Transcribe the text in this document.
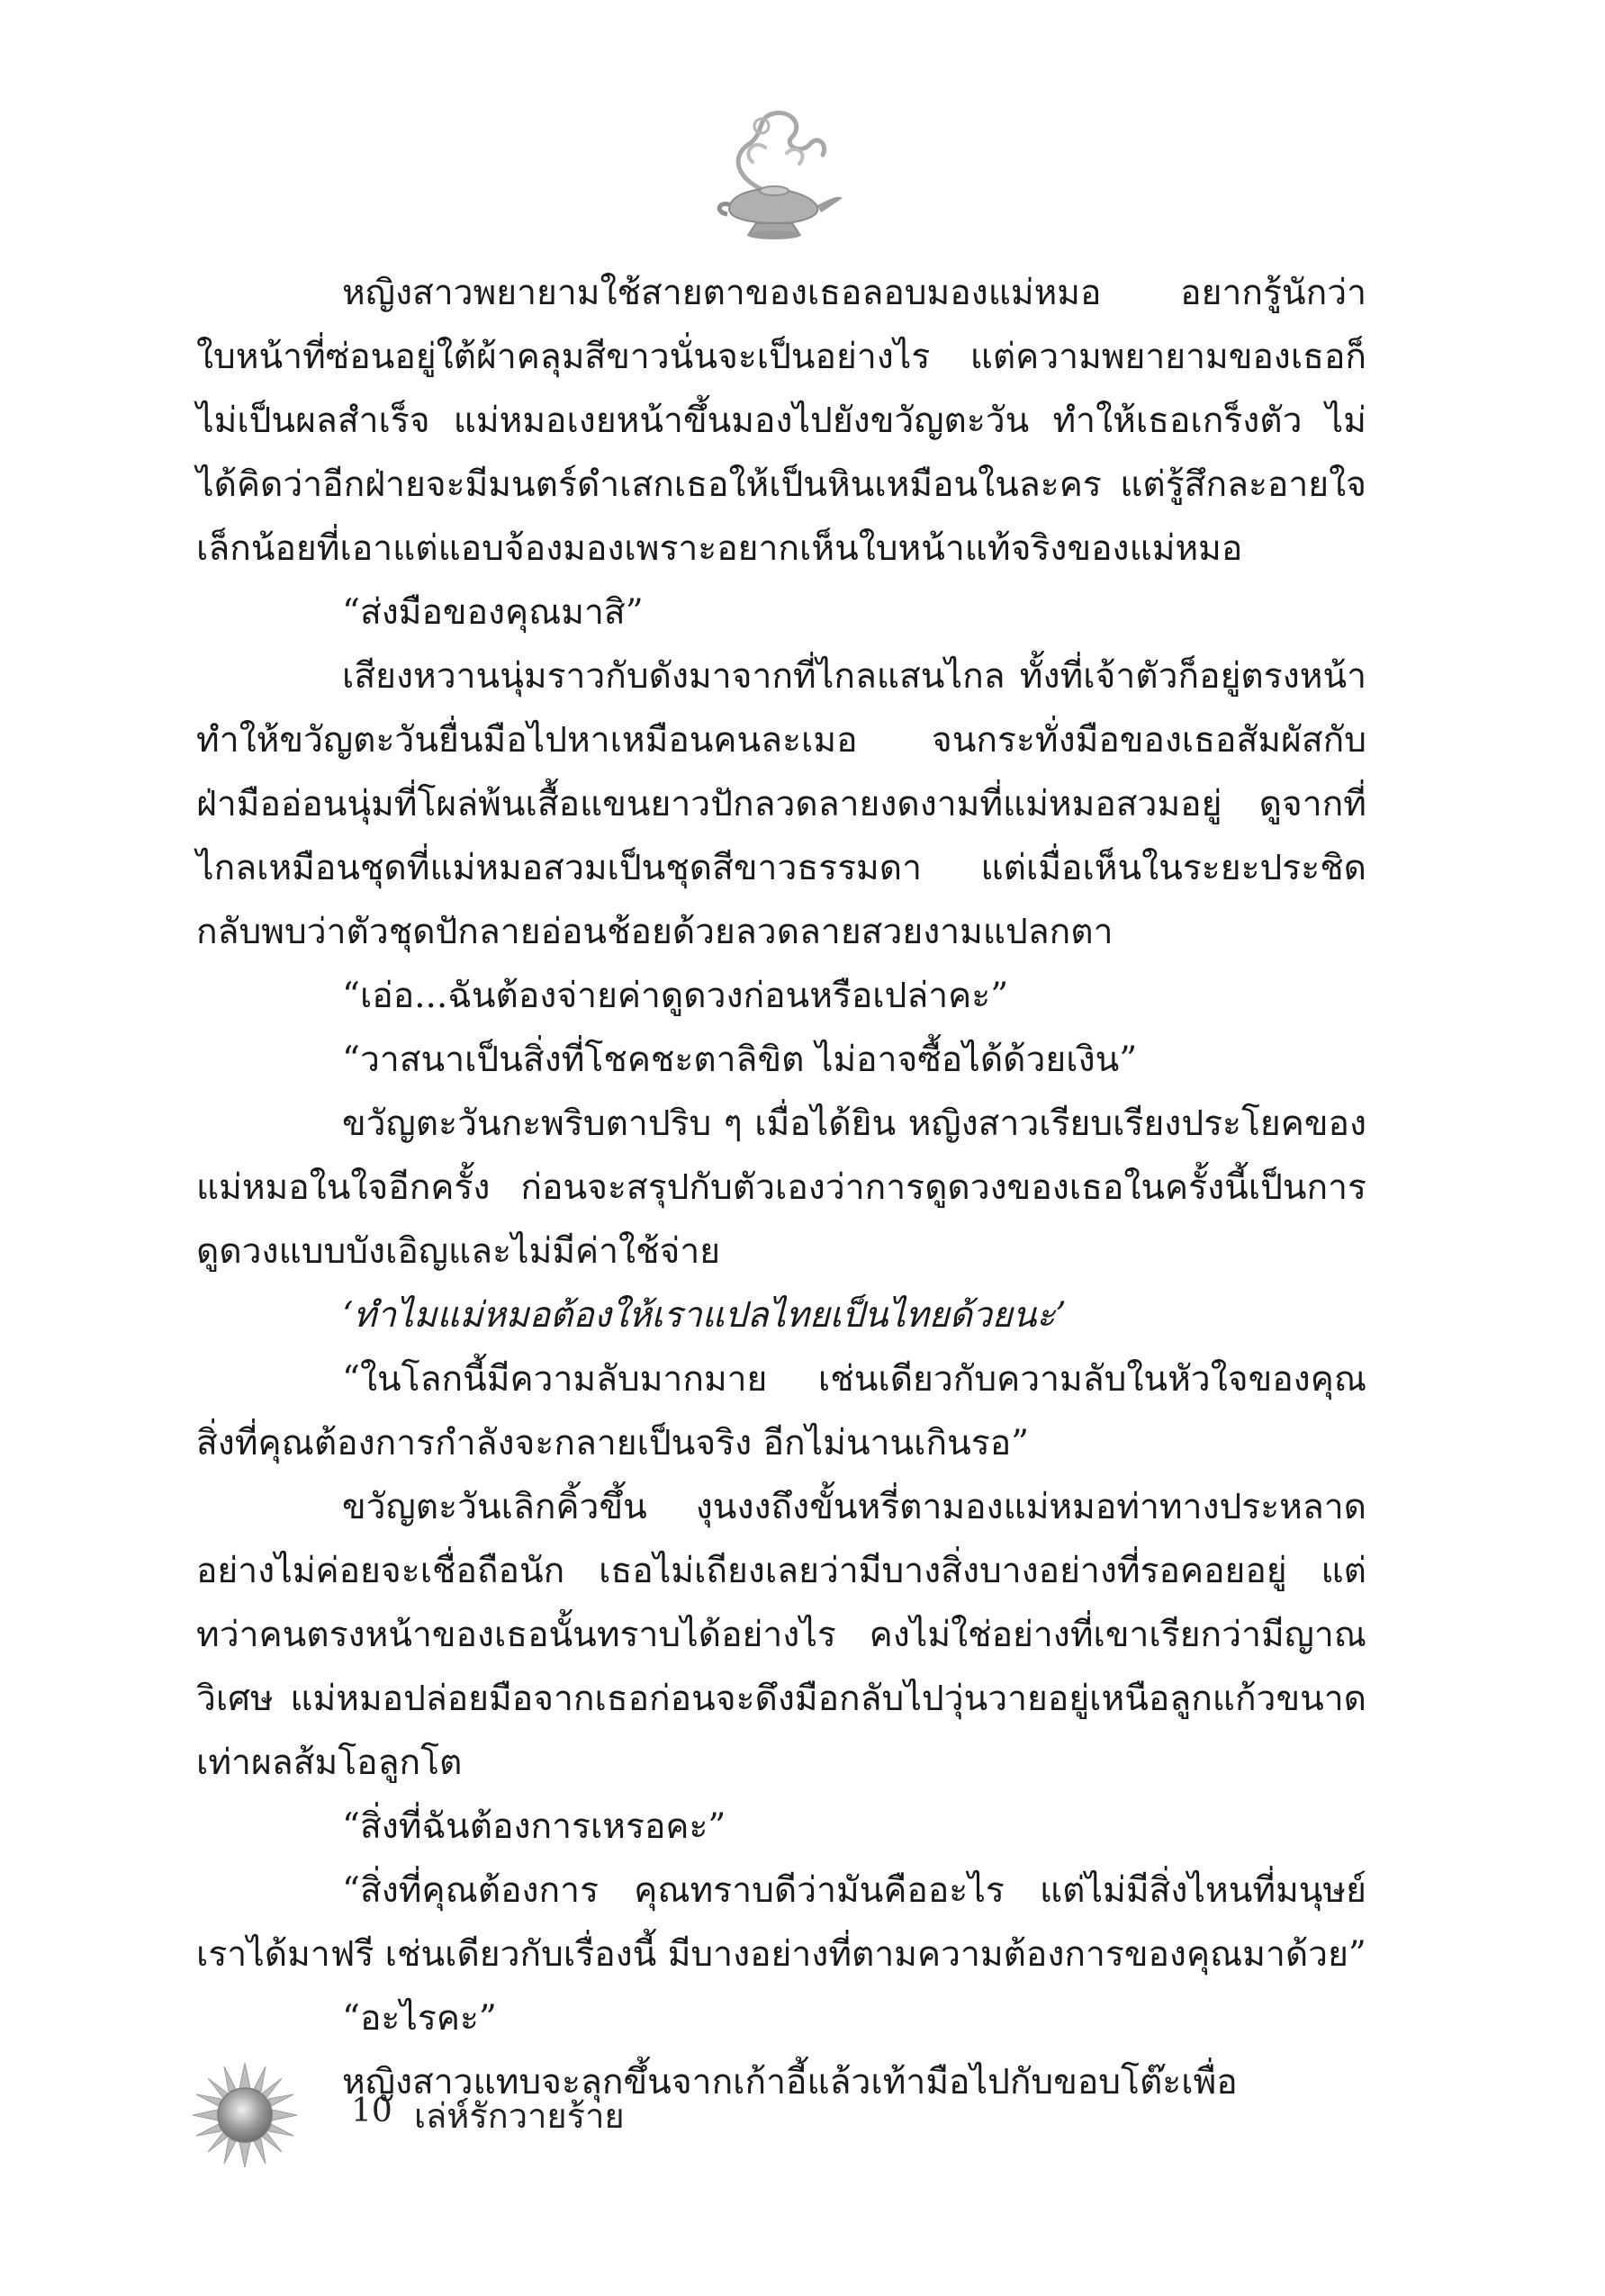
หญิงสาวพยายามใช้สายตาของเธอลอบมองแม่หมอ อยากรู้นักว่าใบหน้าที่ซ่อนอยู่ใต้ผ้าคลุมสีขาวนั่นจะเป็นอย่างไร แต่ความพยายามของเธอก็ไม่เป็นผลสำเร็จ แม่หมอเงยหน้าขึ้นมองไปยังขวัญตะวัน ทำให้เธอเกร็งตัว ไม่ได้คิดว่าอีกฝ่ายจะมีมนตร์ดำเสกเธอให้เป็นหินเหมือนในละคร แต่รู้สึกละอายใจเล็กน้อยที่เอาแต่แอบจ้องมองเพราะอยากเห็นใบหน้าแท้จริงของแม่หมอ

“ส่งมือของคุณมาสิ”

เสียงหวานนุ่มราวกับดังมาจากที่ไกลแสนไกล ทั้งที่เจ้าตัวก็อยู่ตรงหน้า ทำให้ขวัญตะวันยื่นมือไปหาเหมือนคนละเมอ จนกระทั่งมือของเธอสัมผัสกับฝ่ามืออ่อนนุ่มที่โผล่พ้นเสื้อแขนยาวปักลวดลายงดงามที่แม่หมอสวมอยู่ ดูจากที่ไกลเหมือนชุดที่แม่หมอสวมเป็นชุดสีขาวธรรมดา แต่เมื่อเห็นในระยะประชิดกลับพบว่าตัวชุดปักลายอ่อนช้อยด้วยลวดลายสวยงามแปลกตา

“เอ่อ...ฉันต้องจ่ายค่าดูดวงก่อนหรือเปล่าคะ”

“วาสนาเป็นสิ่งที่โชคชะตาลิขิต ไม่อาจซื้อได้ด้วยเงิน”

ขวัญตะวันกะพริบตาปริบ ๆ เมื่อได้ยิน หญิงสาวเรียบเรียงประโยคของแม่หมอในใจอีกครั้ง ก่อนจะสรุปกับตัวเองว่าการดูดวงของเธอในครั้งนี้เป็นการดูดวงแบบบังเอิญและไม่มีค่าใช้จ่าย

‘ทำไมแม่หมอต้องให้เราแปลไทยเป็นไทยด้วยนะ’

“ในโลกนี้มีความลับมากมาย เช่นเดียวกับความลับในหัวใจของคุณ สิ่งที่คุณต้องการกำลังจะกลายเป็นจริง อีกไม่นานเกินรอ”

ขวัญตะวันเลิกคิ้วขึ้น งุนงงถึงขั้นหรี่ตามองแม่หมอท่าทางประหลาดอย่างไม่ค่อยจะเชื่อถือนัก เธอไม่เถียงเลยว่ามีบางสิ่งบางอย่างที่รอคอยอยู่ แต่ทว่าคนตรงหน้าของเธอนั้นทราบได้อย่างไร คงไม่ใช่อย่างที่เขาเรียกว่ามีญาณวิเศษ แม่หมอปล่อยมือจากเธอก่อนจะดึงมือกลับไปวุ่นวายอยู่เหนือลูกแก้วขนาดเท่าผลส้มโอลูกโต

“สิ่งที่ฉันต้องการเหรอคะ”

“สิ่งที่คุณต้องการ คุณทราบดีว่ามันคืออะไร แต่ไม่มีสิ่งไหนที่มนุษย์เราได้มาฟรี เช่นเดียวกับเรื่องนี้ มีบางอย่างที่ตามความต้องการของคุณมาด้วย”

“อะไรคะ”

หญิงสาวแทบจะลุกขึ้นจากเก้าอี้แล้วเท้ามือไปกับขอบโต๊ะเพื่อ

10 เล่ห์รักวายร้าย
